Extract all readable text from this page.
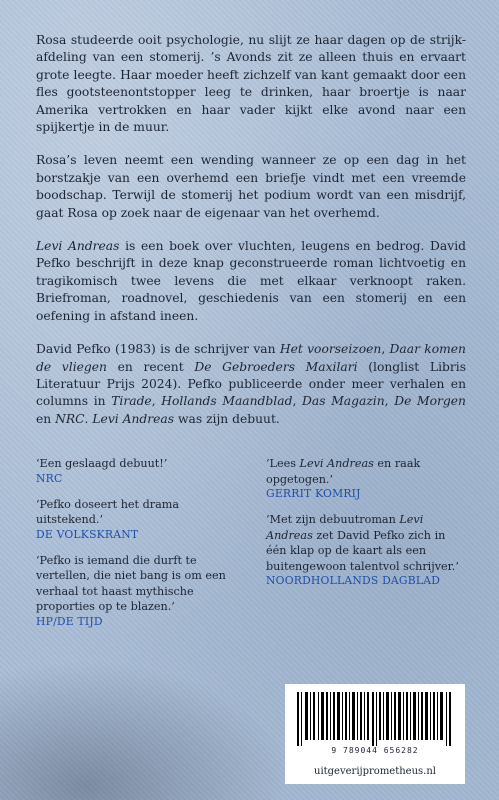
Rosa studeerde ooit psychologie, nu slijt ze haar dagen op de strijk-afdeling van een stomerij. ’s Avonds zit ze alleen thuis en ervaart grote leegte. Haar moeder heeft zichzelf van kant gemaakt door een fles gootsteenontstopper leeg te drinken, haar broertje is naar Amerika vertrokken en haar vader kijkt elke avond naar een spijkertje in de muur.

Rosa’s leven neemt een wending wanneer ze op een dag in het borstzakje van een overhemd een briefje vindt met een vreemde boodschap. Terwijl de stomerij het podium wordt van een misdrijf, gaat Rosa op zoek naar de eigenaar van het overhemd.

Levi Andreas is een boek over vluchten, leugens en bedrog. David Pefko beschrijft in deze knap geconstrueerde roman lichtvoetig en tragikomisch twee levens die met elkaar verknoopt raken. Briefroman, roadnovel, geschiedenis van een stomerij en een oefening in afstand ineen.

David Pefko (1983) is de schrijver van Het voorseizoen, Daar komen de vliegen en recent De Gebroeders Maxilari (longlist Libris Literatuur Prijs 2024). Pefko publiceerde onder meer verhalen en columns in Tirade, Hollands Maandblad, Das Magazin, De Morgen en NRC. Levi Andreas was zijn debuut.

‘Een geslaagd debuut!’

NRC

‘Pefko doseert het drama uitstekend.’

DE VOLKSKRANT

‘Pefko is iemand die durft te vertellen, die niet bang is om een verhaal tot haast mythische proporties op te blazen.’

HP/DE TIJD

‘Lees Levi Andreas en raak opgetogen.’

GERRIT KOMRIJ

‘Met zijn debuutroman Levi Andreas zet David Pefko zich in één klap op de kaart als een buitengewoon talentvol schrijver.’

NOORDHOLLANDS DAGBLAD

9 789044 656282
uitgeverijprometheus.nl
